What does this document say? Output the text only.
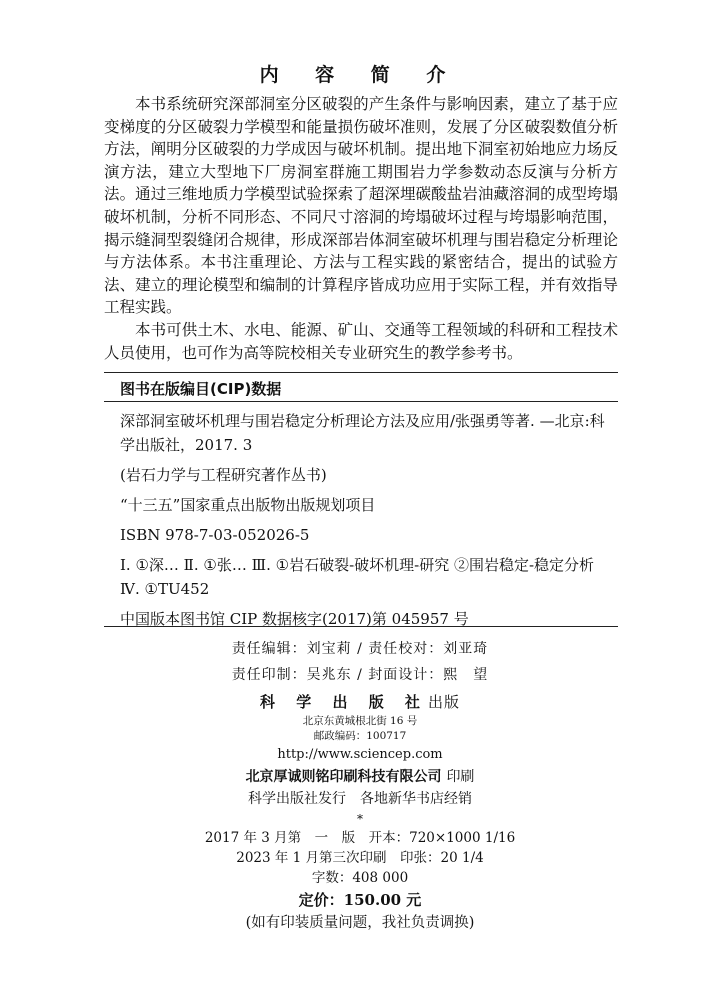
内 容 简 介

本书系统研究深部洞室分区破裂的产生条件与影响因素，建立了基于应变梯度的分区破裂力学模型和能量损伤破坏准则，发展了分区破裂数值分析方法，阐明分区破裂的力学成因与破坏机制。提出地下洞室初始地应力场反演方法，建立大型地下厂房洞室群施工期围岩力学参数动态反演与分析方法。通过三维地质力学模型试验探索了超深埋碳酸盐岩油藏溶洞的成型垮塌破坏机制，分析不同形态、不同尺寸溶洞的垮塌破坏过程与垮塌影响范围，揭示缝洞型裂缝闭合规律，形成深部岩体洞室破坏机理与围岩稳定分析理论与方法体系。本书注重理论、方法与工程实践的紧密结合，提出的试验方法、建立的理论模型和编制的计算程序皆成功应用于实际工程，并有效指导工程实践。

本书可供土木、水电、能源、矿山、交通等工程领域的科研和工程技术人员使用，也可作为高等院校相关专业研究生的教学参考书。

图书在版编目(CIP)数据
深部洞室破坏机理与围岩稳定分析理论方法及应用/张强勇等著. —北京:科学出版社，2017. 3
(岩石力学与工程研究著作丛书)
“十三五”国家重点出版物出版规划项目
ISBN 978-7-03-052026-5
Ⅰ. ①深… Ⅱ. ①张… Ⅲ. ①岩石破裂-破坏机理-研究 ②围岩稳定-稳定分析 Ⅳ. ①TU452
中国版本图书馆 CIP 数据核字(2017)第 045957 号
责任编辑：刘宝莉 / 责任校对：刘亚琦
责任印制：吴兆东 / 封面设计：熙　望
科 学 出 版 社出版
北京东黄城根北街 16 号
邮政编码：100717
http://www.sciencep.com
北京厚诚则铭印刷科技有限公司 印刷
科学出版社发行　各地新华书店经销
*
2017 年 3 月第　一　版　开本：720×1000 1/16
2023 年 1 月第三次印刷　印张：20 1/4
字数：408 000
定价：150.00 元
(如有印装质量问题，我社负责调换)
